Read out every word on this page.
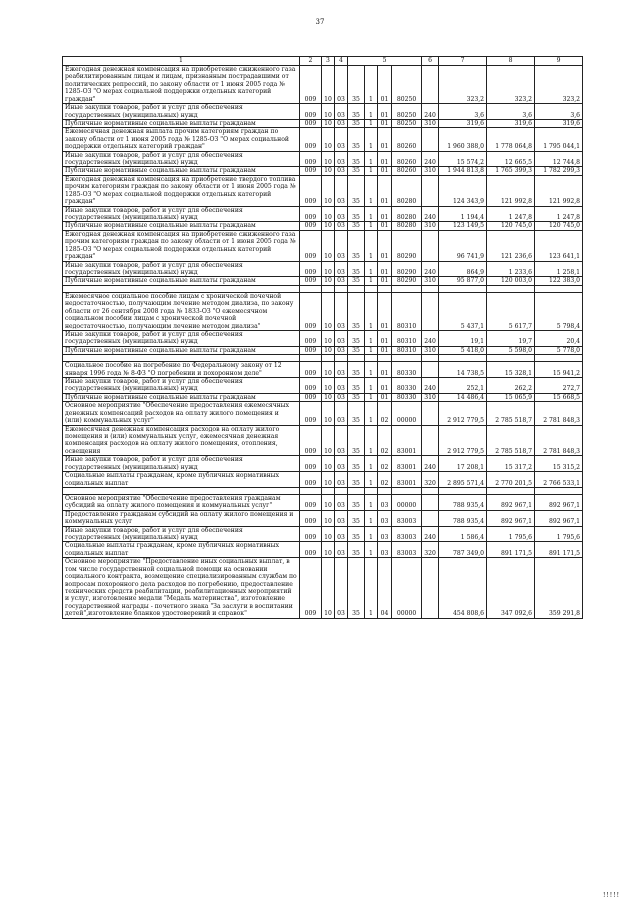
37
1	2	3	4	5				6	7	8	9
Ежегодная денежная компенсация на приобретение сжиженного газа реабилитированным лицам и лицам, признанным пострадавшими от политических репрессий, по закону области от 1 июня 2005 года № 1285-ОЗ "О мерах социальной поддержки отдельных категорий граждан"	009	10	03	35	1	01	80250		323,2	323,2	323,2
Иные закупки товаров, работ и услуг для обеспечения государственных (муниципальных) нужд	009	10	03	35	1	01	80250	240	3,6	3,6	3,6
Публичные нормативные социальные выплаты гражданам	009	10	03	35	1	01	80250	310	319,6	319,6	319,6
Ежемесячная денежная выплата прочим категориям граждан по закону области от 1 июня 2005 года № 1285-ОЗ "О мерах социальной поддержки отдельных категорий граждан"	009	10	03	35	1	01	80260		1 960 388,0	1 778 064,8	1 795 044,1
Иные закупки товаров, работ и услуг для обеспечения государственных (муниципальных) нужд	009	10	03	35	1	01	80260	240	15 574,2	12 665,5	12 744,8
Публичные нормативные социальные выплаты гражданам	009	10	03	35	1	01	80260	310	1 944 813,8	1 765 399,3	1 782 299,3
Ежегодная денежная компенсация на приобретение твердого топлива прочим категориям граждан по закону области от 1 июня 2005 года № 1285-ОЗ "О мерах социальной поддержки отдельных категорий граждан"	009	10	03	35	1	01	80280		124 343,9	121 992,8	121 992,8
Иные закупки товаров, работ и услуг для обеспечения государственных (муниципальных) нужд	009	10	03	35	1	01	80280	240	1 194,4	1 247,8	1 247,8
Публичные нормативные социальные выплаты гражданам	009	10	03	35	1	01	80280	310	123 149,5	120 745,0	120 745,0
Ежегодная денежная компенсация на приобретение сжиженного газа прочим категориям граждан по закону области от 1 июня 2005 года № 1285-ОЗ "О мерах социальной поддержки отдельных категорий граждан"	009	10	03	35	1	01	80290		96 741,9	121 236,6	123 641,1
Иные закупки товаров, работ и услуг для обеспечения государственных (муниципальных) нужд	009	10	03	35	1	01	80290	240	864,9	1 233,6	1 258,1
Публичные нормативные социальные выплаты гражданам	009	10	03	35	1	01	80290	310	95 877,0	120 003,0	122 383,0

Ежемесячное социальное пособие лицам с хронической почечной недостаточностью, получающим лечение методом диализа, по закону области от 26 сентября 2008 года № 1833-ОЗ "О ежемесячном социальном пособии лицам с хронической почечной недостаточностью, получающим лечение методом диализа"	009	10	03	35	1	01	80310		5 437,1	5 617,7	5 798,4
Иные закупки товаров, работ и услуг для обеспечения государственных (муниципальных) нужд	009	10	03	35	1	01	80310	240	19,1	19,7	20,4
Публичные нормативные социальные выплаты гражданам	009	10	03	35	1	01	80310	310	5 418,0	5 598,0	5 778,0

Социальное пособие на погребение по Федеральному закону от 12 января 1996 года № 8-ФЗ "О погребении и похоронном деле"	009	10	03	35	1	01	80330		14 738,5	15 328,1	15 941,2
Иные закупки товаров, работ и услуг для обеспечения государственных (муниципальных) нужд	009	10	03	35	1	01	80330	240	252,1	262,2	272,7
Публичные нормативные социальные выплаты гражданам	009	10	03	35	1	01	80330	310	14 486,4	15 065,9	15 668,5
Основное мероприятие "Обеспечение предоставления ежемесячных денежных компенсаций расходов на оплату жилого помещения и (или) коммунальных услуг"	009	10	03	35	1	02	00000		2 912 779,5	2 785 518,7	2 781 848,3
Ежемесячная денежная компенсация расходов на оплату жилого помещения и (или) коммунальных услуг, ежемесячная денежная компенсация расходов на оплату жилого помещения, отопления, освещения	009	10	03	35	1	02	83001		2 912 779,5	2 785 518,7	2 781 848,3
Иные закупки товаров, работ и услуг для обеспечения государственных (муниципальных) нужд	009	10	03	35	1	02	83001	240	17 208,1	15 317,2	15 315,2
Социальные выплаты гражданам, кроме публичных нормативных социальных выплат	009	10	03	35	1	02	83001	320	2 895 571,4	2 770 201,5	2 766 533,1

Основное мероприятие "Обеспечение предоставления гражданам субсидий на оплату жилого помещения и коммунальных услуг"	009	10	03	35	1	03	00000		788 935,4	892 967,1	892 967,1
Предоставление гражданам субсидий на оплату жилого помещения и коммунальных услуг	009	10	03	35	1	03	83003		788 935,4	892 967,1	892 967,1
Иные закупки товаров, работ и услуг для обеспечения государственных (муниципальных) нужд	009	10	03	35	1	03	83003	240	1 586,4	1 795,6	1 795,6
Социальные выплаты гражданам, кроме публичных нормативных социальных выплат	009	10	03	35	1	03	83003	320	787 349,0	891 171,5	891 171,5
Основное мероприятие "Предоставление иных социальных выплат, в том числе государственной социальной помощи на основании социального контракта, возмещение специализированным службам по вопросам похоронного дела расходов по погребению, предоставление технических средств реабилитации, реабилитационных мероприятий и услуг, изготовление медали "Медаль материнства", изготовление государственной награды - почетного знака "За заслуги в воспитании детей",изготовление бланков удостоверений и справок"	009	10	03	35	1	04	00000		454 808,6	347 092,6	359 291,8
!!!!!
